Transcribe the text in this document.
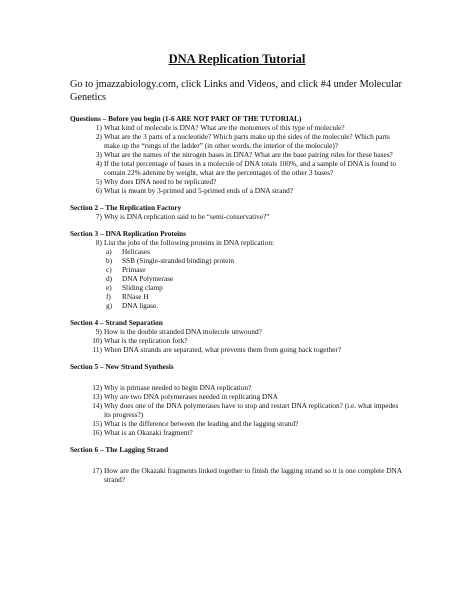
DNA Replication Tutorial
Go to jmazzabiology.com, click Links and Videos, and click #4 under Molecular Genetics
Questions – Before you begin (1-6 ARE NOT PART OF THE TUTORIAL)
1) What kind of molecule is DNA? What are the monomers of this type of molecule?
2) What are the 3 parts of a nucleotide? Which parts make up the sides of the molecule? Which parts make up the “rungs of the ladder” (in other words, the interior of the molecule)?
3) What are the names of the nitrogen bases in DNA? What are the base pairing rules for these bases?
4) If the total percentage of bases in a molecule of DNA totals 100%, and a sample of DNA is found to contain 22% adenine by weight, what are the percentages of the other 3 bases?
5) Why does DNA need to be replicated?
6) What is meant by 3-primed and 5-primed ends of a DNA strand?
Section 2 – The Replication Factory
7) Why is DNA replication said to be “semi-conservative?”
Section 3 – DNA Replication Proteins
8) List the jobs of the following proteins in DNA replication:
a) Helicases
b) SSB (Single-stranded binding) protein
c) Primase
d) DNA Polymerase
e) Sliding clamp
f) RNase H
g) DNA ligase.
Section 4 – Strand Separation
9) How is the double stranded DNA molecule unwound?
10) What is the replication fork?
11) When DNA strands are separated, what prevents them from going back together?
Section 5 – New Strand Synthesis
12) Why is primase needed to begin DNA replication?
13) Why are two DNA polymerases needed in replicating DNA
14) Why does one of the DNA polymerases have to stop and restart DNA replication? (i.e. what impedes its progress?)
15) What is the difference between the leading and the lagging strand?
16) What is an Okazaki fragment?
Section 6 – The Lagging Strand
17) How are the Okazaki fragments linked together to finish the lagging strand so it is one complete DNA strand?
